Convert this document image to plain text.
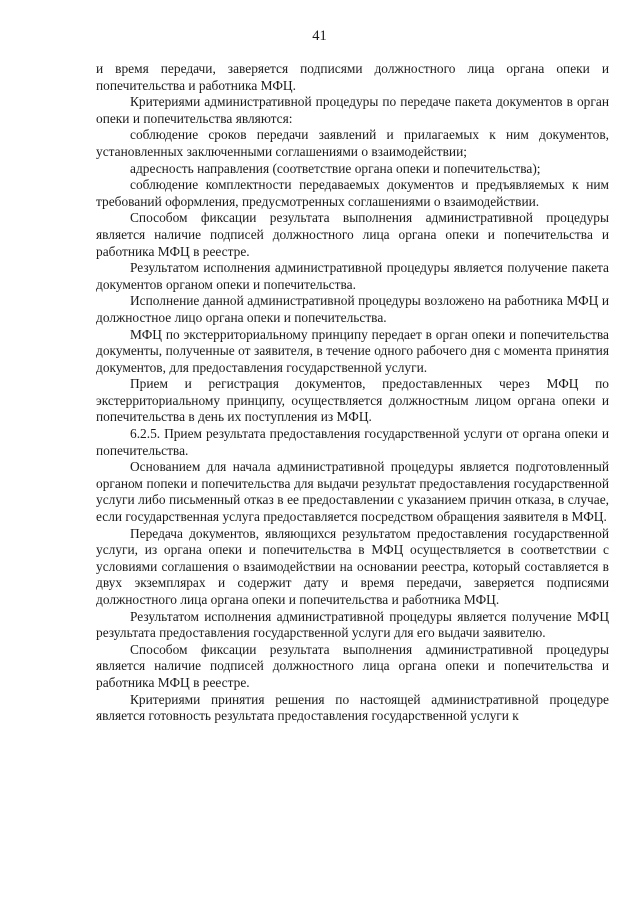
41

и время передачи, заверяется подписями должностного лица органа опеки и попечительства и работника МФЦ.

Критериями административной процедуры по передаче пакета документов в орган опеки и попечительства являются:

соблюдение сроков передачи заявлений и прилагаемых к ним документов, установленных заключенными соглашениями о взаимодействии;

адресность направления (соответствие органа опеки и попечительства);

соблюдение комплектности передаваемых документов и предъявляемых к ним требований оформления, предусмотренных соглашениями о взаимодействии.

Способом фиксации результата выполнения административной процедуры является наличие подписей должностного лица органа опеки и попечительства и работника МФЦ в реестре.

Результатом исполнения административной процедуры является получение пакета документов органом опеки и попечительства.

Исполнение данной административной процедуры возложено на работника МФЦ и должностное лицо органа опеки и попечительства.

МФЦ по экстерриториальному принципу передает в орган опеки и попечительства документы, полученные от заявителя, в течение одного рабочего дня с момента принятия документов, для предоставления государственной услуги.

Прием и регистрация документов, предоставленных через МФЦ по экстерриториальному принципу, осуществляется должностным лицом органа опеки и попечительства в день их поступления из МФЦ.

6.2.5. Прием результата предоставления государственной услуги от органа опеки и попечительства.

Основанием для начала административной процедуры является подготовленный органом попеки и попечительства для выдачи результат предоставления государственной услуги либо письменный отказ в ее предоставлении с указанием причин отказа, в случае, если государственная услуга предоставляется посредством обращения заявителя в МФЦ.

Передача документов, являющихся результатом предоставления государственной услуги, из органа опеки и попечительства в МФЦ осуществляется в соответствии с условиями соглашения о взаимодействии на основании реестра, который составляется в двух экземплярах и содержит дату и время передачи, заверяется подписями должностного лица органа опеки и попечительства и работника МФЦ.

Результатом исполнения административной процедуры является получение МФЦ результата предоставления государственной услуги для его выдачи заявителю.

Способом фиксации результата выполнения административной процедуры является наличие подписей должностного лица органа опеки и попечительства и работника МФЦ в реестре.

Критериями принятия решения по настоящей административной процедуре является готовность результата предоставления государственной услуги к
